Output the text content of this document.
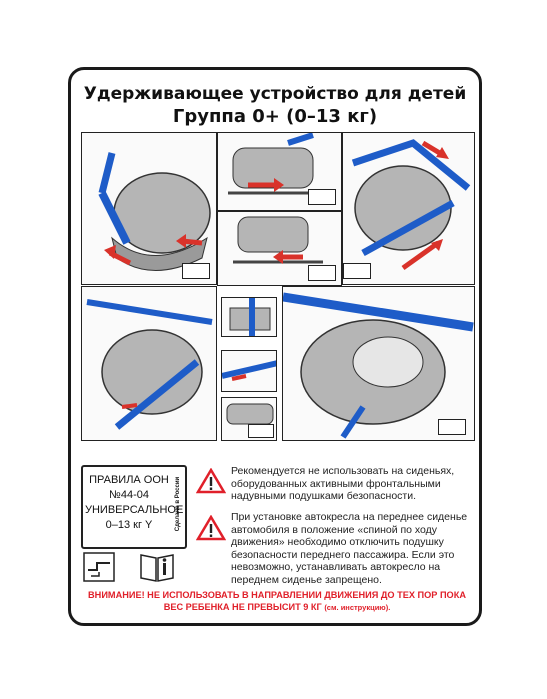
Удерживающее устройство для детей
Группа 0+ (0–13 кг)
ПРАВИЛА ООН
№44-04
УНИВЕРСАЛЬНОЕ
0–13 кг Y	Сделано в России
Рекомендуется не использовать на сиденьях, оборудованных активными фронтальными надувными подушками безопасности.
При установке автокресла на переднее сиденье автомобиля в положение «спиной по ходу движения» необходимо отключить подушку безопасности переднего пассажира. Если это невозможно, устанавливать автокресло на переднем сиденье запрещено.
ВНИМАНИЕ! НЕ ИСПОЛЬЗОВАТЬ В НАПРАВЛЕНИИ ДВИЖЕНИЯ ДО ТЕХ ПОР ПОКА ВЕС РЕБЕНКА НЕ ПРЕВЫСИТ 9 КГ (см. инструкцию).
